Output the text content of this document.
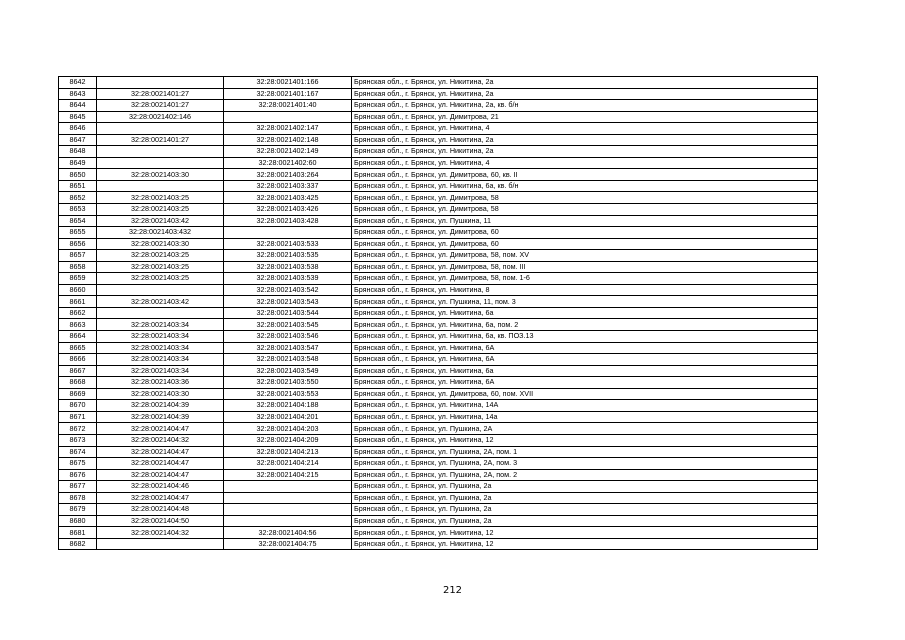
8642		32:28:0021401:166	Брянская обл., г. Брянск, ул. Никитина, 2а
8643	32:28:0021401:27	32:28:0021401:167	Брянская обл., г. Брянск, ул. Никитина, 2а
8644	32:28:0021401:27	32:28:0021401:40	Брянская обл., г. Брянск, ул. Никитина, 2а, кв. б/н
8645	32:28:0021402:146		Брянская обл., г. Брянск, ул. Димитрова, 21
8646		32:28:0021402:147	Брянская обл., г. Брянск, ул. Никитина, 4
8647	32:28:0021401:27	32:28:0021402:148	Брянская обл., г. Брянск, ул. Никитина, 2а
8648		32:28:0021402:149	Брянская обл., г. Брянск, ул. Никитина, 2а
8649		32:28:0021402:60	Брянская обл., г. Брянск, ул. Никитина, 4
8650	32:28:0021403:30	32:28:0021403:264	Брянская обл., г. Брянск, ул. Димитрова, 60, кв. II
8651		32:28:0021403:337	Брянская обл., г. Брянск, ул. Никитина, 6а, кв. б/н
8652	32:28:0021403:25	32:28:0021403:425	Брянская обл., г. Брянск, ул. Димитрова, 58
8653	32:28:0021403:25	32:28:0021403:426	Брянская обл., г. Брянск, ул. Димитрова, 58
8654	32:28:0021403:42	32:28:0021403:428	Брянская обл., г. Брянск, ул. Пушкина, 11
8655	32:28:0021403:432		Брянская обл., г. Брянск, ул. Димитрова, 60
8656	32:28:0021403:30	32:28:0021403:533	Брянская обл., г. Брянск, ул. Димитрова, 60
8657	32:28:0021403:25	32:28:0021403:535	Брянская обл., г. Брянск, ул. Димитрова, 58, пом. XV
8658	32:28:0021403:25	32:28:0021403:538	Брянская обл., г. Брянск, ул. Димитрова, 58, пом. III
8659	32:28:0021403:25	32:28:0021403:539	Брянская обл., г. Брянск, ул. Димитрова, 58, пом. 1-6
8660		32:28:0021403:542	Брянская обл., г. Брянск, ул. Никитина, 8
8661	32:28:0021403:42	32:28:0021403:543	Брянская обл., г. Брянск, ул. Пушкина, 11, пом. 3
8662		32:28:0021403:544	Брянская обл., г. Брянск, ул. Никитина, 6а
8663	32:28:0021403:34	32:28:0021403:545	Брянская обл., г. Брянск, ул. Никитина, 6а, пом. 2
8664	32:28:0021403:34	32:28:0021403:546	Брянская обл., г. Брянск, ул. Никитина, 6а, кв. ПОЗ.13
8665	32:28:0021403:34	32:28:0021403:547	Брянская обл., г. Брянск, ул. Никитина, 6А
8666	32:28:0021403:34	32:28:0021403:548	Брянская обл., г. Брянск, ул. Никитина, 6А
8667	32:28:0021403:34	32:28:0021403:549	Брянская обл., г. Брянск, ул. Никитина, 6а
8668	32:28:0021403:36	32:28:0021403:550	Брянская обл., г. Брянск, ул. Никитина, 6А
8669	32:28:0021403:30	32:28:0021403:553	Брянская обл., г. Брянск, ул. Димитрова, 60, пом. XVII
8670	32:28:0021404:39	32:28:0021404:188	Брянская обл., г. Брянск, ул. Никитина, 14А
8671	32:28:0021404:39	32:28:0021404:201	Брянская обл., г. Брянск, ул. Никитина, 14а
8672	32:28:0021404:47	32:28:0021404:203	Брянская обл., г. Брянск, ул. Пушкина, 2А
8673	32:28:0021404:32	32:28:0021404:209	Брянская обл., г. Брянск, ул. Никитина, 12
8674	32:28:0021404:47	32:28:0021404:213	Брянская обл., г. Брянск, ул. Пушкина, 2А, пом. 1
8675	32:28:0021404:47	32:28:0021404:214	Брянская обл., г. Брянск, ул. Пушкина, 2А, пом. 3
8676	32:28:0021404:47	32:28:0021404:215	Брянская обл., г. Брянск, ул. Пушкина, 2А, пом. 2
8677	32:28:0021404:46		Брянская обл., г. Брянск, ул. Пушкина, 2а
8678	32:28:0021404:47		Брянская обл., г. Брянск, ул. Пушкина, 2а
8679	32:28:0021404:48		Брянская обл., г. Брянск, ул. Пушкина, 2а
8680	32:28:0021404:50		Брянская обл., г. Брянск, ул. Пушкина, 2а
8681	32:28:0021404:32	32:28:0021404:56	Брянская обл., г. Брянск, ул. Никитина, 12
8682		32:28:0021404:75	Брянская обл., г. Брянск, ул. Никитина, 12
212
